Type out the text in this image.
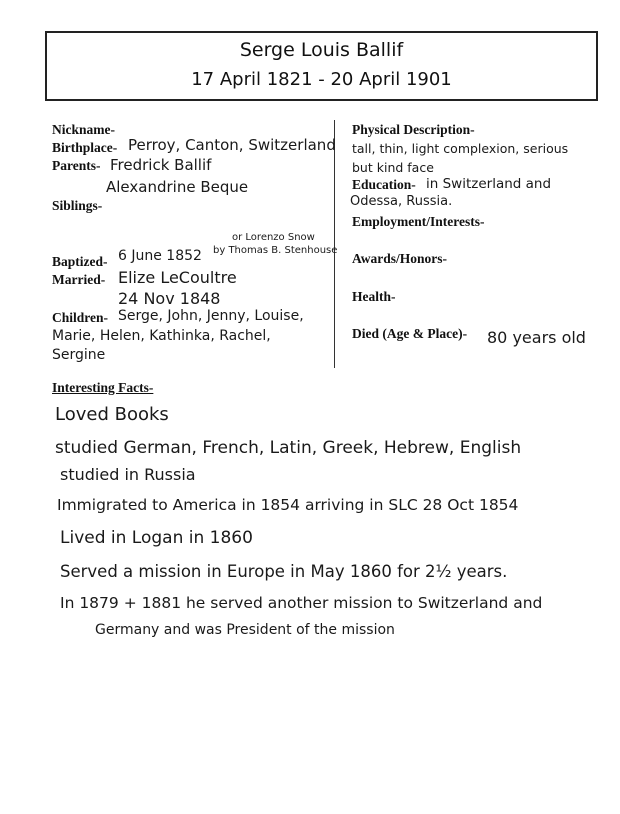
Serge Louis Ballif
17 April 1821 - 20 April 1901
Nickname-
Birthplace- Perroy, Canton, Switzerland
Parents- Fredrick Ballif
Alexandrine Beque
Siblings-
or Lorenzo Snow
by Thomas B. Stenhouse
Baptized- 6 June 1852
Married- Elize LeCoultre
24 Nov 1848
Children- Serge, John, Jenny, Louise,
Marie, Helen, Kathinka, Rachel,
Sergine
Physical Description-
tall, thin, light complexion, serious
but kind face
Education- in Switzerland and
Odessa, Russia.
Employment/Interests-
Awards/Honors-
Health-
Died (Age & Place)- 80 years old
Interesting Facts-
Loved Books
studied German, French, Latin, Greek, Hebrew, English
studied in Russia
Immigrated to America in 1854 arriving in SLC 28 Oct 1854
Lived in Logan in 1860
Served a mission in Europe in May 1860 for 2½ years.
In 1879 + 1881 he served another mission to Switzerland and
Germany and was President of the mission
